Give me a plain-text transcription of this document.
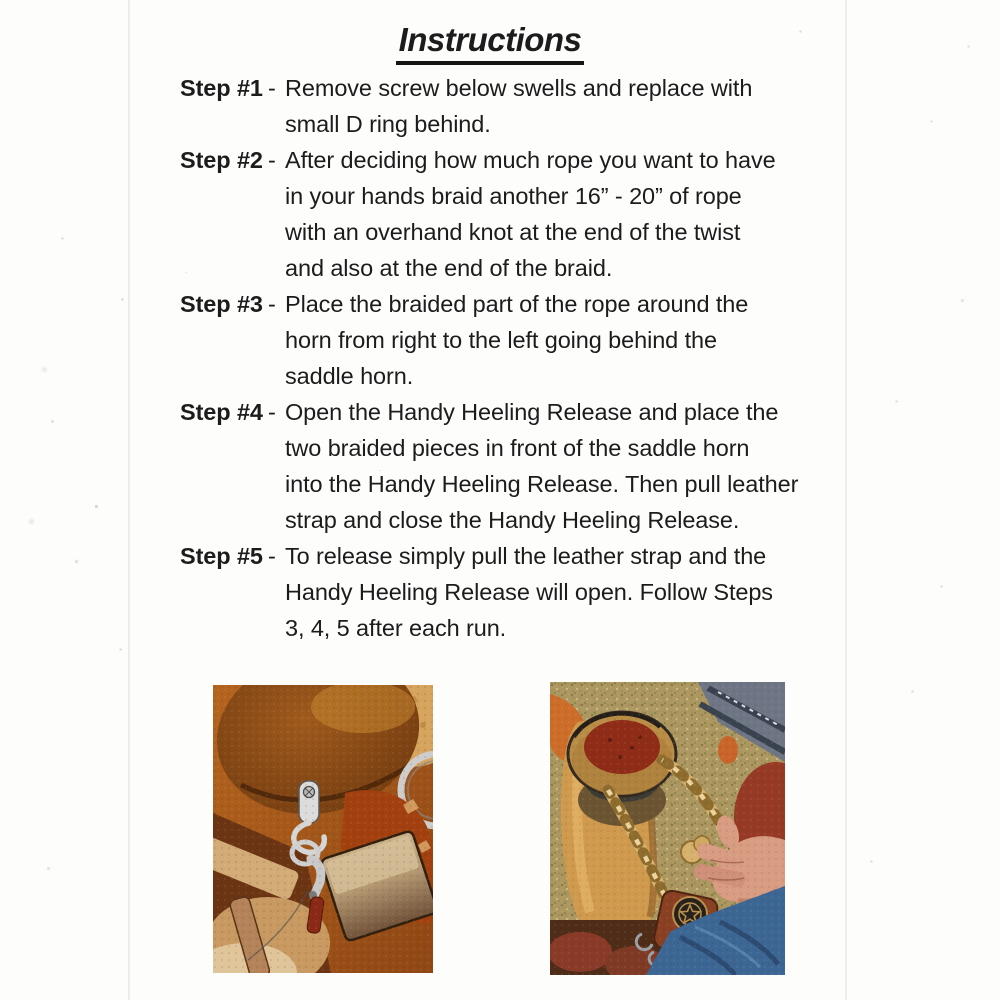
Instructions
Step #1 - Remove screw below swells and replace with
small D ring behind.
Step #2 - After deciding how much rope you want to have
in your hands braid another 16” - 20” of rope
with an overhand knot at the end of the twist
and also at the end of the braid.
Step #3 - Place the braided part of the rope around the
horn from right to the left going behind the
saddle horn.
Step #4 - Open the Handy Heeling Release and place the
two braided pieces in front of the saddle horn
into the Handy Heeling Release. Then pull leather
strap and close the Handy Heeling Release.
Step #5 - To release simply pull the leather strap and the
Handy Heeling Release will open. Follow Steps
3, 4, 5 after each run.
